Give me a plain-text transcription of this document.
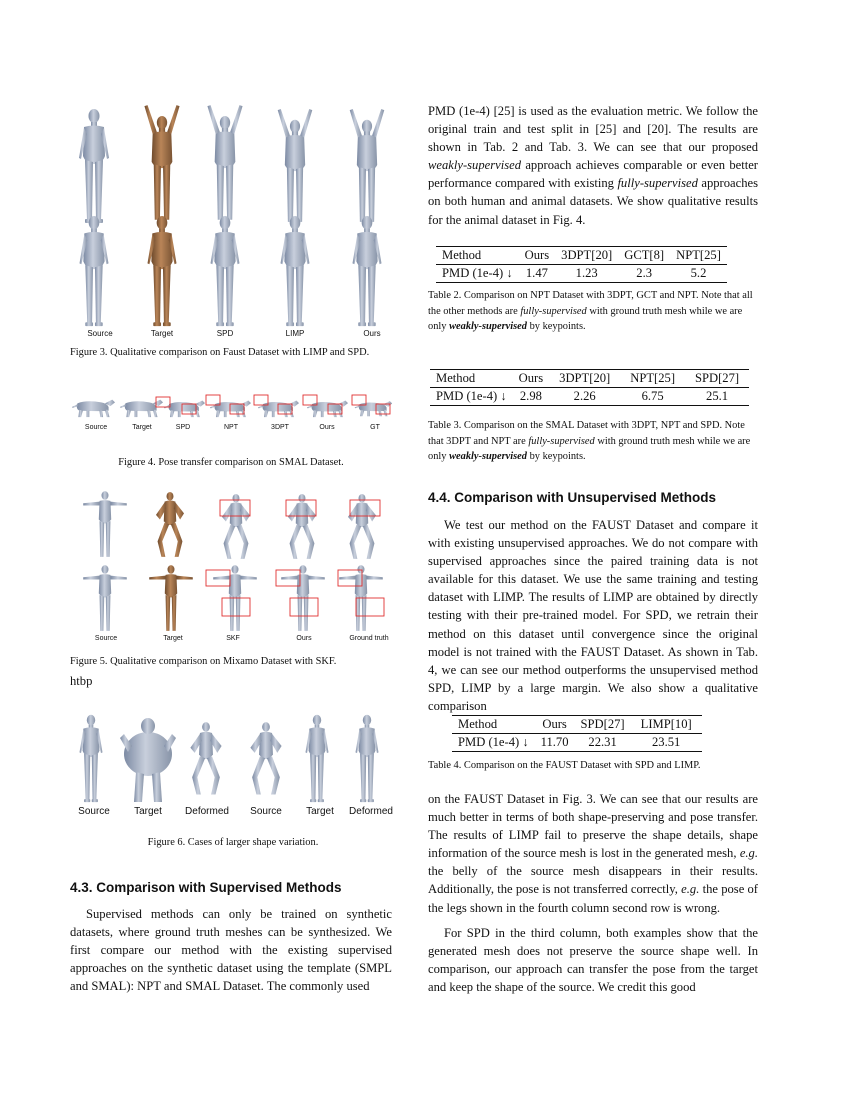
Source	Target	SPD	LIMP	Ours
Figure 3. Qualitative comparison on Faust Dataset with LIMP and SPD.
Source	Target	SPD	NPT	3DPT	Ours	GT
Figure 4. Pose transfer comparison on SMAL Dataset.
Source	Target	SKF	Ours	Ground truth
Figure 5. Qualitative comparison on Mixamo Dataset with SKF.
htbp
Source	Target	Deformed	Source	Target	Deformed
Figure 6. Cases of larger shape variation.
4.3. Comparison with Supervised Methods
Supervised methods can only be trained on synthetic datasets, where ground truth meshes can be synthesized. We first compare our method with the existing supervised approaches on the synthetic dataset using the template (SMPL and SMAL): NPT and SMAL Dataset. The commonly used
PMD (1e-4) [25] is used as the evaluation metric. We follow the original train and test split in [25] and [20]. The results are shown in Tab. 2 and Tab. 3. We can see that our proposed weakly-supervised approach achieves comparable or even better performance compared with existing fully-supervised approaches on both human and animal datasets. We show qualitative results for the animal dataset in Fig. 4.
Method	Ours	3DPT[20]	GCT[8]	NPT[25]
PMD (1e-4) ↓	1.47	1.23	2.3	5.2
Table 2. Comparison on NPT Dataset with 3DPT, GCT and NPT. Note that all the other methods are fully-supervised with ground truth mesh while we are only weakly-supervised by keypoints.
Method	Ours	3DPT[20]	NPT[25]	SPD[27]
PMD (1e-4) ↓	2.98	2.26	6.75	25.1
Table 3. Comparison on the SMAL Dataset with 3DPT, NPT and SPD. Note that 3DPT and NPT are fully-supervised with ground truth mesh while we are only weakly-supervised by keypoints.
4.4. Comparison with Unsupervised Methods
We test our method on the FAUST Dataset and compare it with existing unsupervised approaches. We do not compare with supervised approaches since the paired training data is not available for this dataset. We use the same training and testing dataset with LIMP. The results of LIMP are obtained by directly testing with their pre-trained model. For SPD, we retrain their method on this dataset until convergence since the original model is not trained with the FAUST Dataset. As shown in Tab. 4, we can see our method outperforms the unsupervised method SPD, LIMP by a large margin. We also show a qualitative comparison
Method	Ours	SPD[27]	LIMP[10]
PMD (1e-4) ↓	11.70	22.31	23.51
Table 4. Comparison on the FAUST Dataset with SPD and LIMP.
on the FAUST Dataset in Fig. 3. We can see that our results are much better in terms of both shape-preserving and pose transfer. The results of LIMP fail to preserve the shape details, shape information of the source mesh is lost in the generated mesh, e.g. the belly of the source mesh disappears in their results. Additionally, the pose is not transferred correctly, e.g. the pose of the legs shown in the fourth column second row is wrong.
For SPD in the third column, both examples show that the generated mesh does not preserve the source shape well. In comparison, our approach can transfer the pose from the target and keep the shape of the source. We credit this good
